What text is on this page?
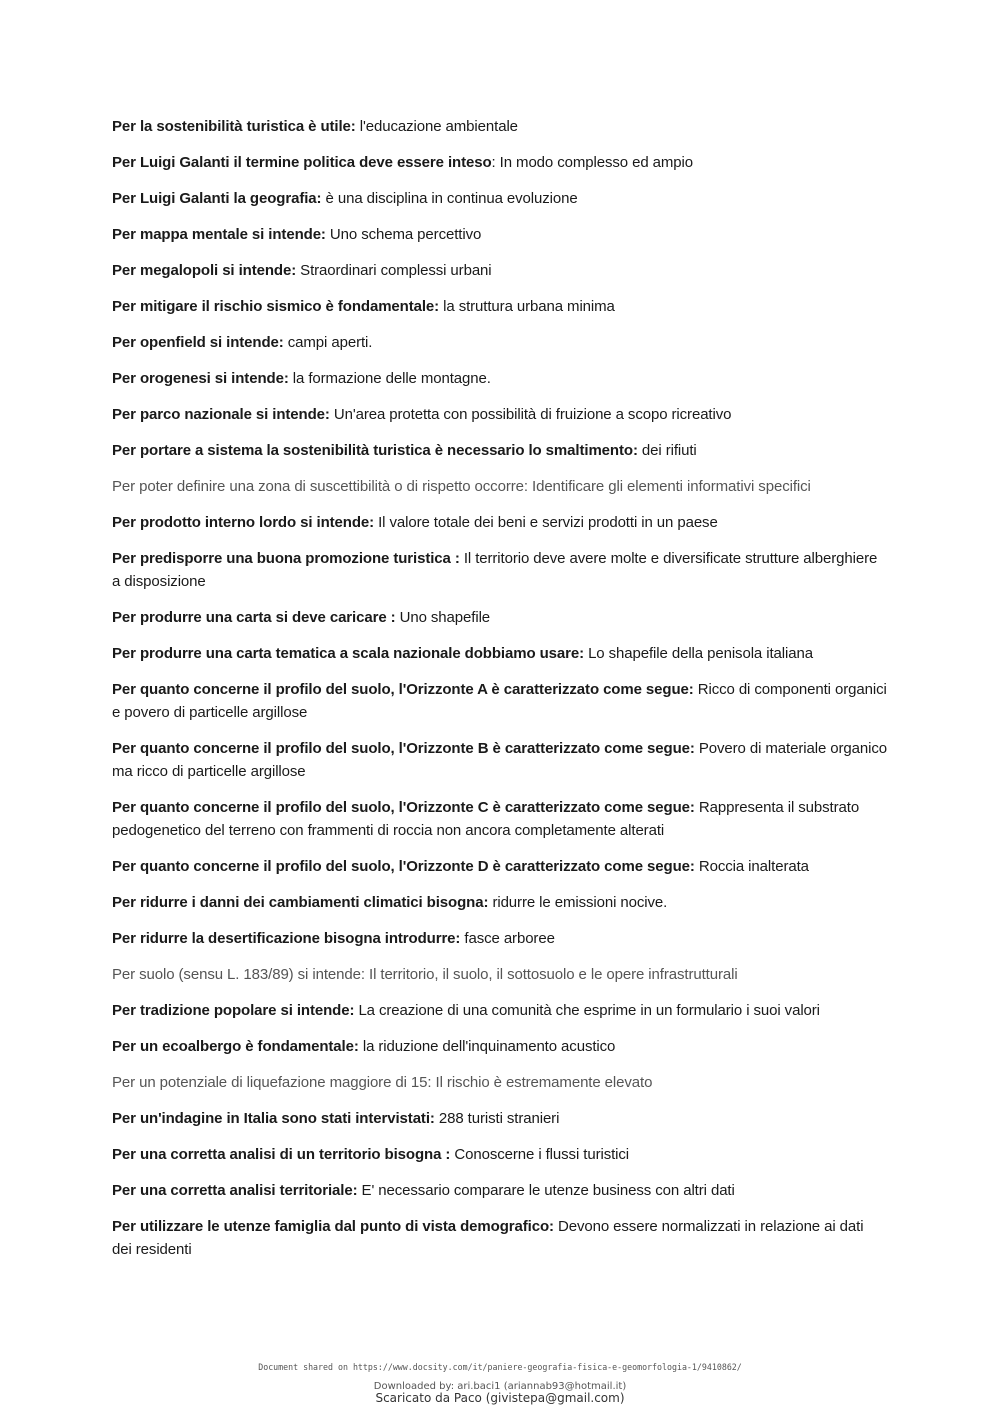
Per la sostenibilità turistica è utile: l'educazione ambientale

Per Luigi Galanti il termine politica deve essere inteso: In modo complesso ed ampio

Per Luigi Galanti la geografia: è una disciplina in continua evoluzione

Per mappa mentale si intende: Uno schema percettivo

Per megalopoli si intende: Straordinari complessi urbani

Per mitigare il rischio sismico è fondamentale: la struttura urbana minima

Per openfield si intende: campi aperti.

Per orogenesi si intende: la formazione delle montagne.

Per parco nazionale si intende: Un'area protetta con possibilità di fruizione a scopo ricreativo

Per portare a sistema la sostenibilità turistica è necessario lo smaltimento: dei rifiuti

Per poter definire una zona di suscettibilità o di rispetto occorre: Identificare gli elementi informativi specifici

Per prodotto interno lordo si intende: Il valore totale dei beni e servizi prodotti in un paese

Per predisporre una buona promozione turistica : Il territorio deve avere molte e diversificate strutture alberghiere a disposizione

Per produrre una carta si deve caricare : Uno shapefile

Per produrre una carta tematica a scala nazionale dobbiamo usare: Lo shapefile della penisola italiana

Per quanto concerne il profilo del suolo, l'Orizzonte A è caratterizzato come segue: Ricco di componenti organici e povero di particelle argillose

Per quanto concerne il profilo del suolo, l'Orizzonte B è caratterizzato come segue: Povero di materiale organico ma ricco di particelle argillose

Per quanto concerne il profilo del suolo, l'Orizzonte C è caratterizzato come segue: Rappresenta il substrato pedogenetico del terreno con frammenti di roccia non ancora completamente alterati

Per quanto concerne il profilo del suolo, l'Orizzonte D è caratterizzato come segue: Roccia inalterata

Per ridurre i danni dei cambiamenti climatici bisogna: ridurre le emissioni nocive.

Per ridurre la desertificazione bisogna introdurre: fasce arboree

Per suolo (sensu L. 183/89) si intende: Il territorio, il suolo, il sottosuolo e le opere infrastrutturali

Per tradizione popolare si intende: La creazione di una comunità che esprime in un formulario i suoi valori

Per un ecoalbergo è fondamentale: la riduzione dell'inquinamento acustico

Per un potenziale di liquefazione maggiore di 15: Il rischio è estremamente elevato

Per un'indagine in Italia sono stati intervistati: 288 turisti stranieri

Per una corretta analisi di un territorio bisogna : Conoscerne i flussi turistici

Per una corretta analisi territoriale: E' necessario comparare le utenze business con altri dati

Per utilizzare le utenze famiglia dal punto di vista demografico: Devono essere normalizzati in relazione ai dati dei residenti

Document shared on https://www.docsity.com/it/paniere-geografia-fisica-e-geomorfologia-1/9410862/
Downloaded by: ari.baci1 (ariannab93@hotmail.it)
Scaricato da Paco (givistepa@gmail.com)
